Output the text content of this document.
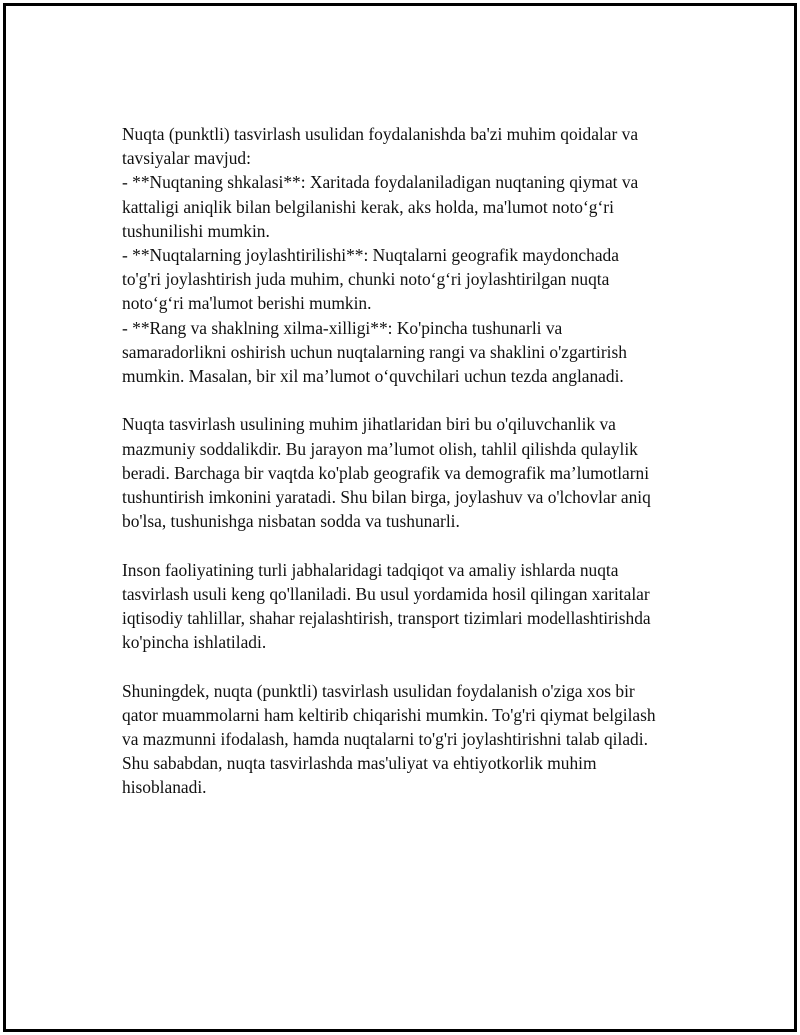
Nuqta (punktli) tasvirlash usulidan foydalanishda ba'zi muhim qoidalar va
tavsiyalar mavjud:
- **Nuqtaning shkalasi**: Xaritada foydalaniladigan nuqtaning qiymat va
kattaligi aniqlik bilan belgilanishi kerak, aks holda, ma'lumot noto‘g‘ri
tushunilishi mumkin.
- **Nuqtalarning joylashtirilishi**: Nuqtalarni geografik maydonchada
to'g'ri joylashtirish juda muhim, chunki noto‘g‘ri joylashtirilgan nuqta
noto‘g‘ri ma'lumot berishi mumkin.
- **Rang va shaklning xilma-xilligi**: Ko'pincha tushunarli va
samaradorlikni oshirish uchun nuqtalarning rangi va shaklini o'zgartirish
mumkin. Masalan, bir xil ma’lumot o‘quvchilari uchun tezda anglanadi.

Nuqta tasvirlash usulining muhim jihatlaridan biri bu o'qiluvchanlik va
mazmuniy soddalikdir. Bu jarayon ma’lumot olish, tahlil qilishda qulaylik
beradi. Barchaga bir vaqtda ko'plab geografik va demografik ma’lumotlarni
tushuntirish imkonini yaratadi. Shu bilan birga, joylashuv va o'lchovlar aniq
bo'lsa, tushunishga nisbatan sodda va tushunarli.

Inson faoliyatining turli jabhalaridagi tadqiqot va amaliy ishlarda nuqta
tasvirlash usuli keng qo'llaniladi. Bu usul yordamida hosil qilingan xaritalar
iqtisodiy tahlillar, shahar rejalashtirish, transport tizimlari modellashtirishda
ko'pincha ishlatiladi.

Shuningdek, nuqta (punktli) tasvirlash usulidan foydalanish o'ziga xos bir
qator muammolarni ham keltirib chiqarishi mumkin. To'g'ri qiymat belgilash
va mazmunni ifodalash, hamda nuqtalarni to'g'ri joylashtirishni talab qiladi.
Shu sababdan, nuqta tasvirlashda mas'uliyat va ehtiyotkorlik muhim
hisoblanadi.
